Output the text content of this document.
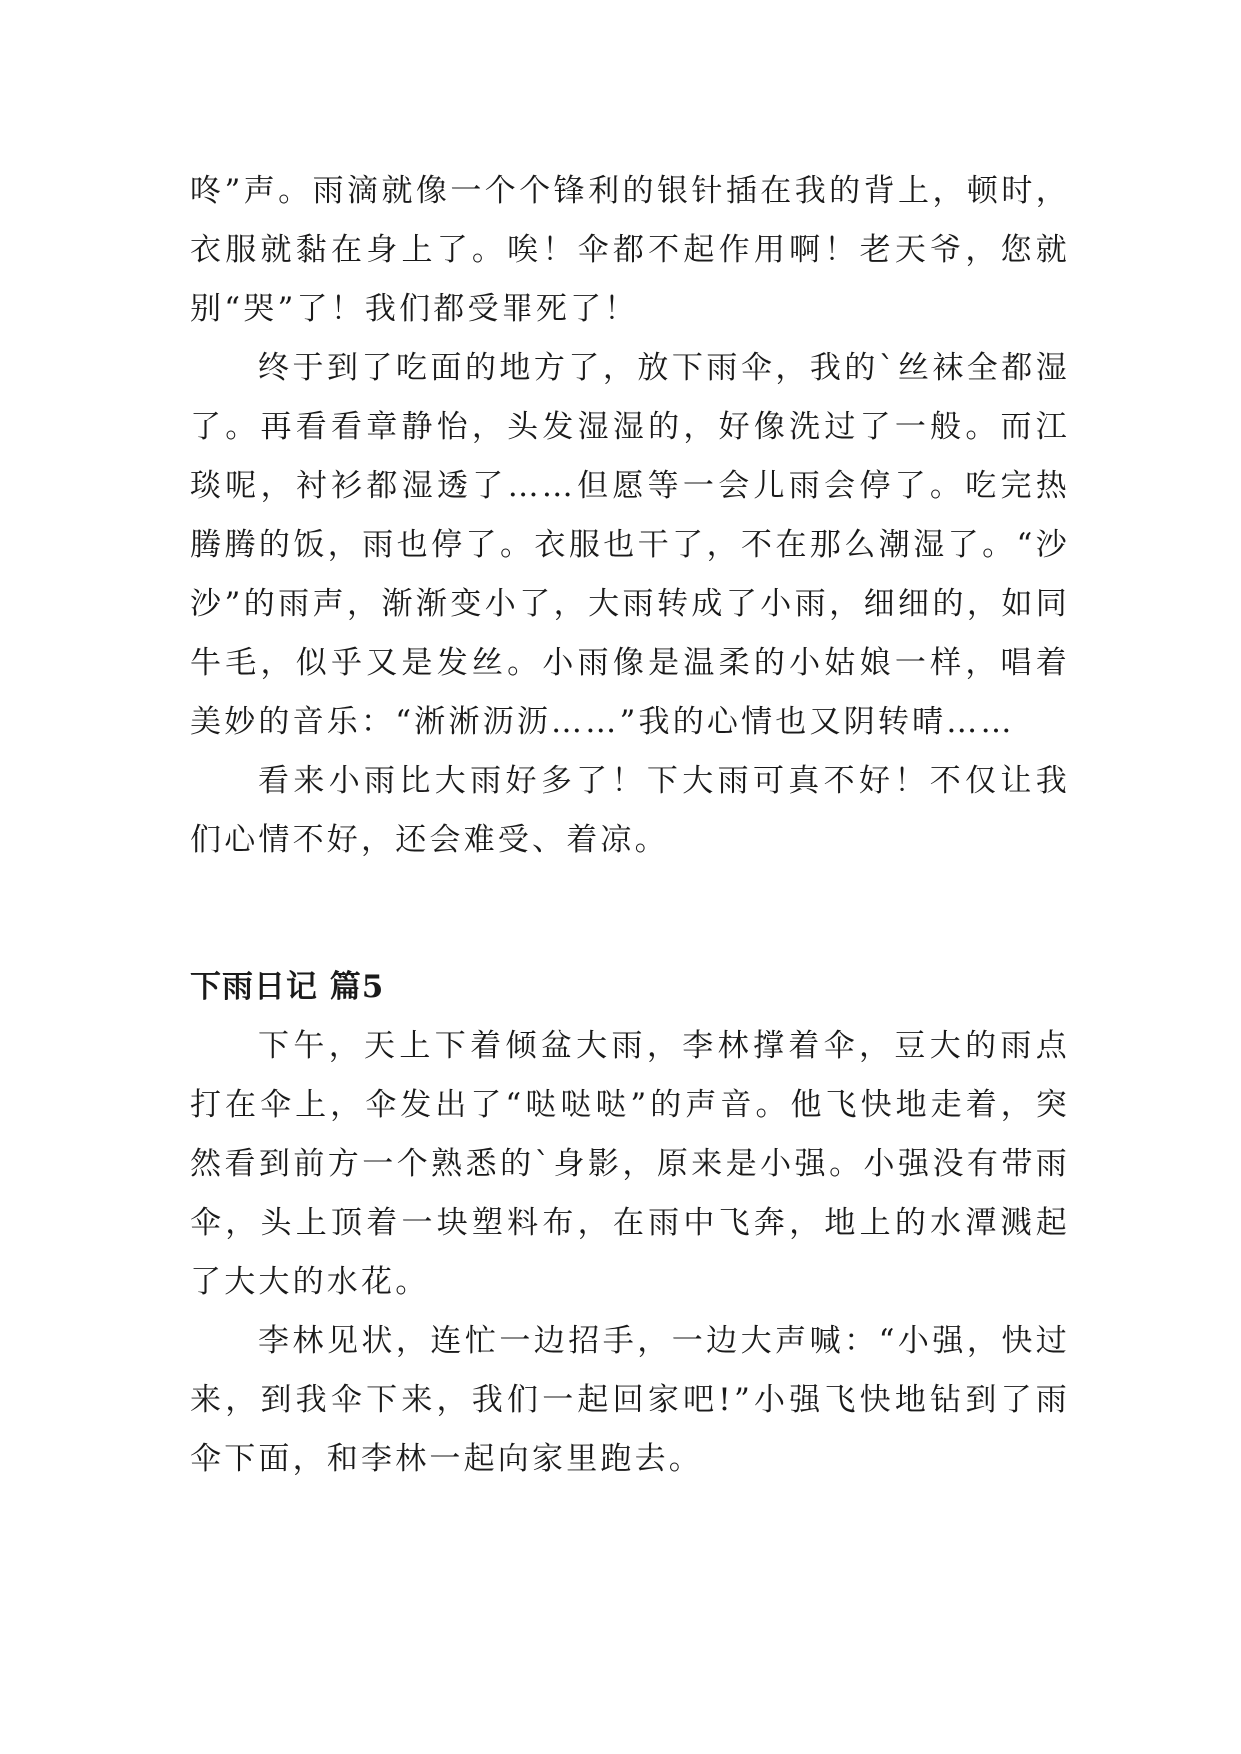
咚”声。雨滴就像一个个锋利的银针插在我的背上，顿时，衣服就黏在身上了。唉！伞都不起作用啊！老天爷，您就别“哭”了！我们都受罪死了！

终于到了吃面的地方了，放下雨伞，我的`丝袜全都湿了。再看看章静怡，头发湿湿的，好像洗过了一般。而江琰呢，衬衫都湿透了……但愿等一会儿雨会停了。吃完热腾腾的饭，雨也停了。衣服也干了，不在那么潮湿了。“沙沙”的雨声，渐渐变小了，大雨转成了小雨，细细的，如同牛毛，似乎又是发丝。小雨像是温柔的小姑娘一样，唱着美妙的音乐：“淅淅沥沥……”我的心情也又阴转晴……

看来小雨比大雨好多了！下大雨可真不好！不仅让我们心情不好，还会难受、着凉。

下雨日记 篇5

下午，天上下着倾盆大雨，李林撑着伞，豆大的雨点打在伞上，伞发出了“哒哒哒”的声音。他飞快地走着，突然看到前方一个熟悉的`身影，原来是小强。小强没有带雨伞，头上顶着一块塑料布，在雨中飞奔，地上的水潭溅起了大大的水花。

李林见状，连忙一边招手，一边大声喊：“小强，快过来，到我伞下来，我们一起回家吧!”小强飞快地钻到了雨伞下面，和李林一起向家里跑去。
